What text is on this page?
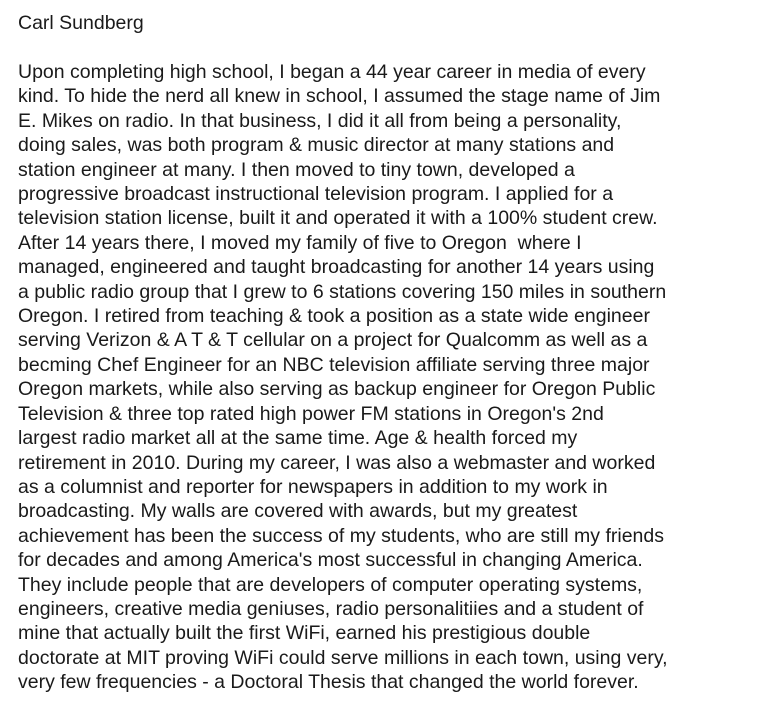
Carl Sundberg
Upon completing high school, I began a 44 year career in media of every
kind. To hide the nerd all knew in school, I assumed the stage name of Jim
E. Mikes on radio. In that business, I did it all from being a personality,
doing sales, was both program & music director at many stations and
station engineer at many. I then moved to tiny town, developed a
progressive broadcast instructional television program. I applied for a
television station license, built it and operated it with a 100% student crew.
After 14 years there, I moved my family of five to Oregon  where I
managed, engineered and taught broadcasting for another 14 years using
a public radio group that I grew to 6 stations covering 150 miles in southern
Oregon. I retired from teaching & took a position as a state wide engineer
serving Verizon & A T & T cellular on a project for Qualcomm as well as a
becming Chef Engineer for an NBC television affiliate serving three major
Oregon markets, while also serving as backup engineer for Oregon Public
Television & three top rated high power FM stations in Oregon's 2nd
largest radio market all at the same time. Age & health forced my
retirement in 2010. During my career, I was also a webmaster and worked
as a columnist and reporter for newspapers in addition to my work in
broadcasting. My walls are covered with awards, but my greatest
achievement has been the success of my students, who are still my friends
for decades and among America's most successful in changing America.
They include people that are developers of computer operating systems,
engineers, creative media geniuses, radio personalitiies and a student of
mine that actually built the first WiFi, earned his prestigious double
doctorate at MIT proving WiFi could serve millions in each town, using very,
very few frequencies - a Doctoral Thesis that changed the world forever.
